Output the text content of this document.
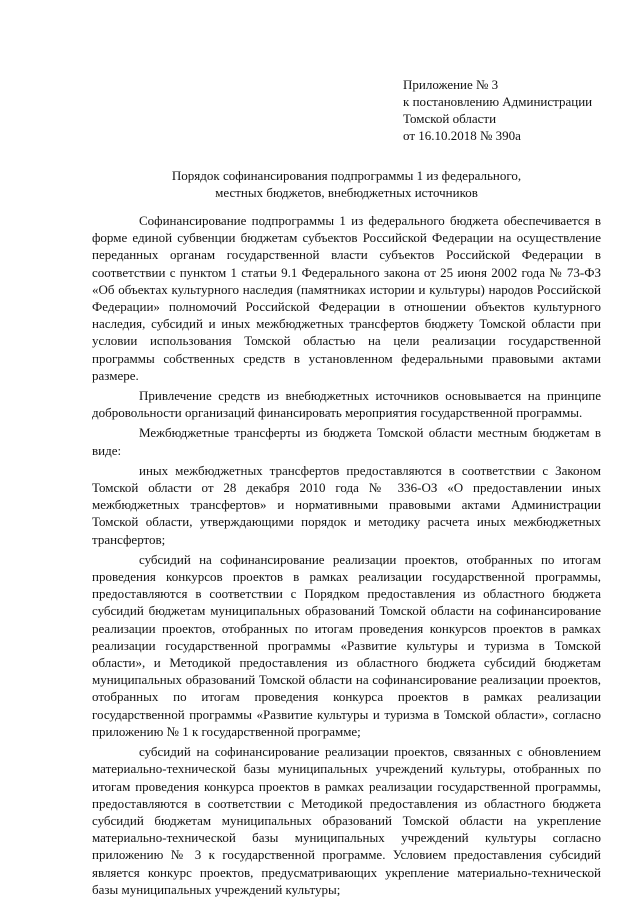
Приложение № 3
к постановлению Администрации
Томской области
от 16.10.2018 № 390а
Порядок софинансирования подпрограммы 1 из федерального,
местных бюджетов, внебюджетных источников

Софинансирование подпрограммы 1 из федерального бюджета обеспечивается в форме единой субвенции бюджетам субъектов Российской Федерации на осуществление переданных органам государственной власти субъектов Российской Федерации в соответствии с пунктом 1 статьи 9.1 Федерального закона от 25 июня 2002 года № 73-ФЗ «Об объектах культурного наследия (памятниках истории и культуры) народов Российской Федерации» полномочий Российской Федерации в отношении объектов культурного наследия, субсидий и иных межбюджетных трансфертов бюджету Томской области при условии использования Томской областью на цели реализации государственной программы собственных средств в установленном федеральными правовыми актами размере.

Привлечение средств из внебюджетных источников основывается на принципе добровольности организаций финансировать мероприятия государственной программы.

Межбюджетные трансферты из бюджета Томской области местным бюджетам в виде:

иных межбюджетных трансфертов предоставляются в соответствии с Законом Томской области от 28 декабря 2010 года № 336-ОЗ «О предоставлении иных межбюджетных трансфертов» и нормативными правовыми актами Администрации Томской области, утверждающими порядок и методику расчета иных межбюджетных трансфертов;

субсидий на софинансирование реализации проектов, отобранных по итогам проведения конкурсов проектов в рамках реализации государственной программы, предоставляются в соответствии с Порядком предоставления из областного бюджета субсидий бюджетам муниципальных образований Томской области на софинансирование реализации проектов, отобранных по итогам проведения конкурсов проектов в рамках реализации государственной программы «Развитие культуры и туризма в Томской области», и Методикой предоставления из областного бюджета субсидий бюджетам муниципальных образований Томской области на софинансирование реализации проектов, отобранных по итогам проведения конкурса проектов в рамках реализации государственной программы «Развитие культуры и туризма в Томской области», согласно приложению № 1 к государственной программе;

субсидий на софинансирование реализации проектов, связанных с обновлением материально-технической базы муниципальных учреждений культуры, отобранных по итогам проведения конкурса проектов в рамках реализации государственной программы, предоставляются в соответствии с Методикой предоставления из областного бюджета субсидий бюджетам муниципальных образований Томской области на укрепление материально-технической базы муниципальных учреждений культуры согласно приложению № 3 к государственной программе. Условием предоставления субсидий является конкурс проектов, предусматривающих укрепление материально-технической базы муниципальных учреждений культуры;
